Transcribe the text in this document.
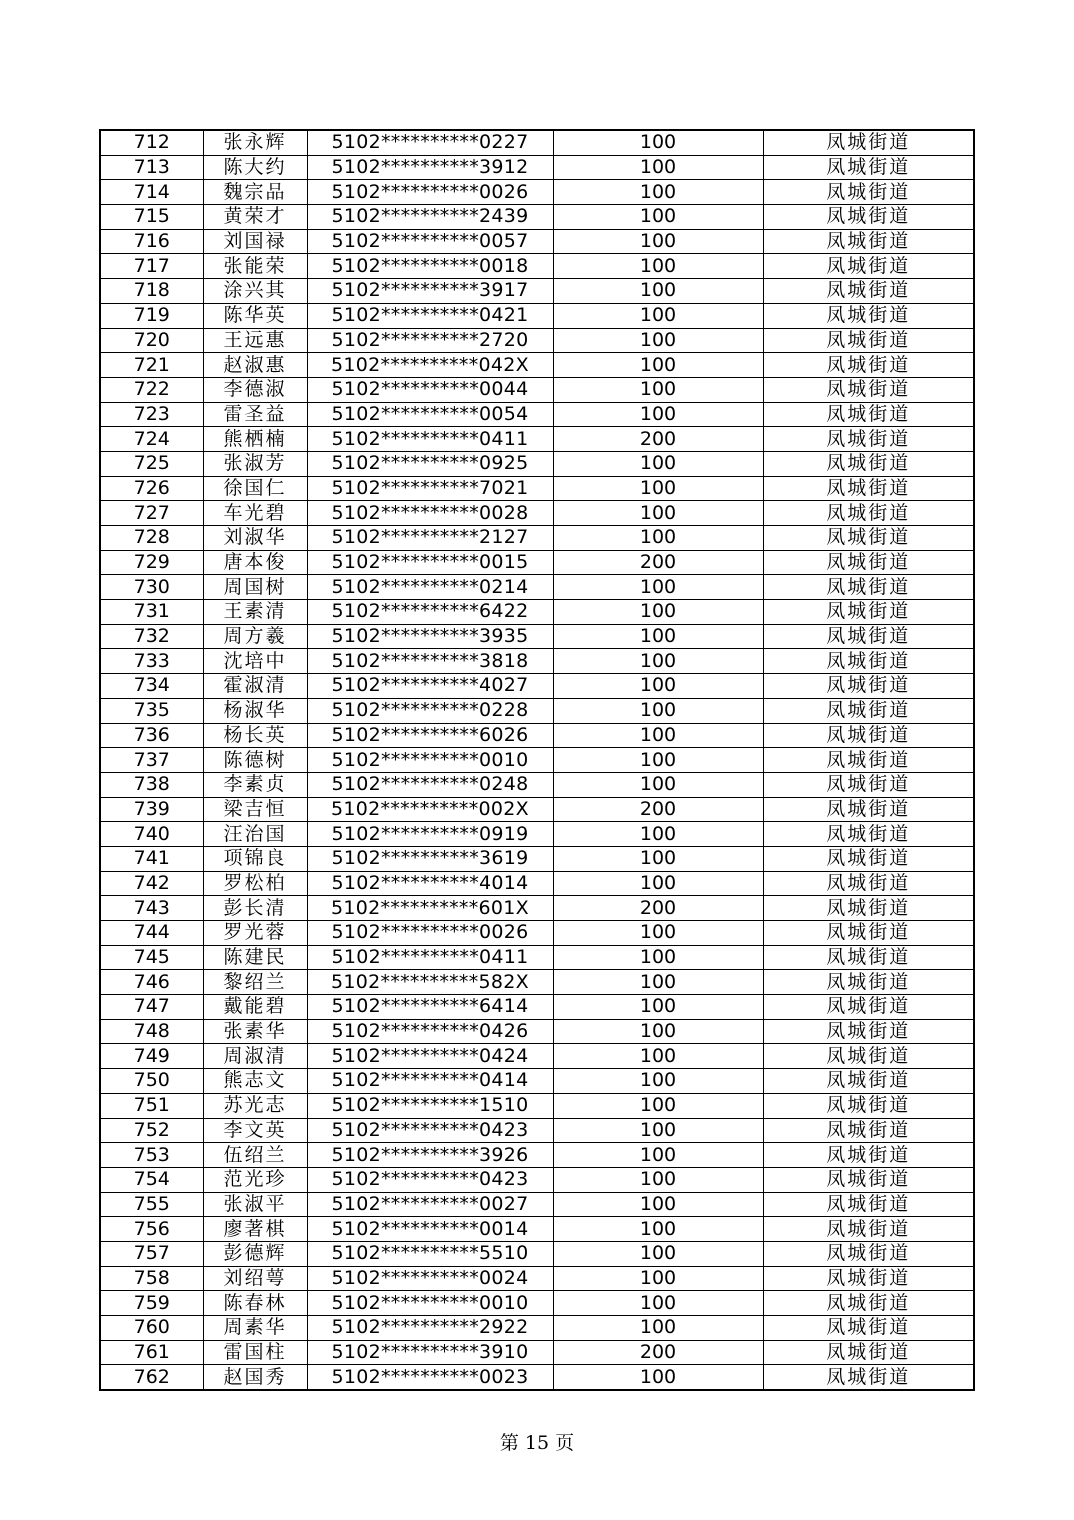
712	张永辉	5102**********0227	100	凤城街道
713	陈大约	5102**********3912	100	凤城街道
714	魏宗品	5102**********0026	100	凤城街道
715	黄荣才	5102**********2439	100	凤城街道
716	刘国禄	5102**********0057	100	凤城街道
717	张能荣	5102**********0018	100	凤城街道
718	涂兴其	5102**********3917	100	凤城街道
719	陈华英	5102**********0421	100	凤城街道
720	王远惠	5102**********2720	100	凤城街道
721	赵淑惠	5102**********042X	100	凤城街道
722	李德淑	5102**********0044	100	凤城街道
723	雷圣益	5102**********0054	100	凤城街道
724	熊栖楠	5102**********0411	200	凤城街道
725	张淑芳	5102**********0925	100	凤城街道
726	徐国仁	5102**********7021	100	凤城街道
727	车光碧	5102**********0028	100	凤城街道
728	刘淑华	5102**********2127	100	凤城街道
729	唐本俊	5102**********0015	200	凤城街道
730	周国树	5102**********0214	100	凤城街道
731	王素清	5102**********6422	100	凤城街道
732	周方羲	5102**********3935	100	凤城街道
733	沈培中	5102**********3818	100	凤城街道
734	霍淑清	5102**********4027	100	凤城街道
735	杨淑华	5102**********0228	100	凤城街道
736	杨长英	5102**********6026	100	凤城街道
737	陈德树	5102**********0010	100	凤城街道
738	李素贞	5102**********0248	100	凤城街道
739	梁吉恒	5102**********002X	200	凤城街道
740	汪治国	5102**********0919	100	凤城街道
741	项锦良	5102**********3619	100	凤城街道
742	罗松柏	5102**********4014	100	凤城街道
743	彭长清	5102**********601X	200	凤城街道
744	罗光蓉	5102**********0026	100	凤城街道
745	陈建民	5102**********0411	100	凤城街道
746	黎绍兰	5102**********582X	100	凤城街道
747	戴能碧	5102**********6414	100	凤城街道
748	张素华	5102**********0426	100	凤城街道
749	周淑清	5102**********0424	100	凤城街道
750	熊志文	5102**********0414	100	凤城街道
751	苏光志	5102**********1510	100	凤城街道
752	李文英	5102**********0423	100	凤城街道
753	伍绍兰	5102**********3926	100	凤城街道
754	范光珍	5102**********0423	100	凤城街道
755	张淑平	5102**********0027	100	凤城街道
756	廖著棋	5102**********0014	100	凤城街道
757	彭德辉	5102**********5510	100	凤城街道
758	刘绍萼	5102**********0024	100	凤城街道
759	陈春林	5102**********0010	100	凤城街道
760	周素华	5102**********2922	100	凤城街道
761	雷国柱	5102**********3910	200	凤城街道
762	赵国秀	5102**********0023	100	凤城街道
第 15 页
